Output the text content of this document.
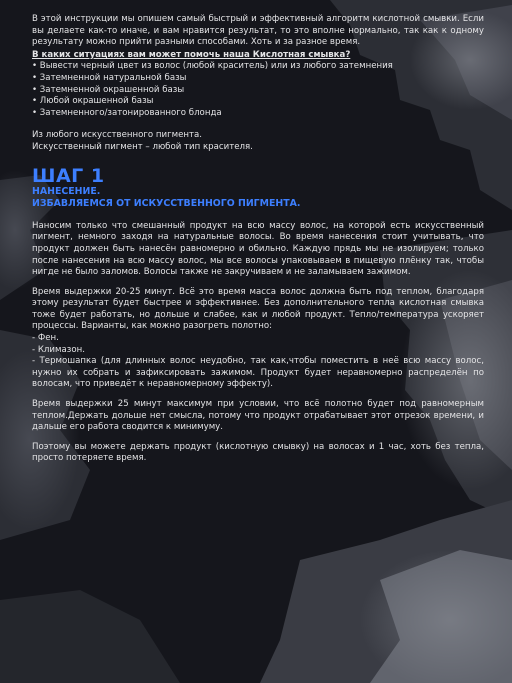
В этой инструкции мы опишем самый быстрый и эффективный алгоритм кислотной смывки. Если вы делаете как-то иначе, и вам нравится результат, то это вполне нормально, так как к одному результату можно прийти разными способами. Хоть и за разное время.

В каких ситуациях вам может помочь наша Кислотная смывка?

• Вывести черный цвет из волос (любой краситель) или из любого затемнения
• Затемненной натуральной базы
• Затемненной окрашенной базы
• Любой окрашенной базы
• Затемненного/затонированного блонда

Из любого искусственного пигмента.

Искусственный пигмент – любой тип красителя.

ШАГ 1

НАНЕСЕНИЕ.

ИЗБАВЛЯЕМСЯ ОТ ИСКУССТВЕННОГО ПИГМЕНТА.

Наносим только что смешанный продукт на всю массу волос, на которой есть искусственный пигмент, немного заходя на натуральные волосы. Во время нанесения стоит учитывать, что продукт должен быть нанесён равномерно и обильно. Каждую прядь мы не изолируем; только после нанесения на всю массу волос, мы все волосы упаковываем в пищевую плёнку так, чтобы нигде не было заломов. Волосы также не закручиваем и не заламываем зажимом.

Время выдержки 20-25 минут. Всё это время масса волос должна быть под теплом, благодаря этому результат будет быстрее и эффективнее. Без дополнительного тепла кислотная смывка тоже будет работать, но дольше и слабее, как и любой продукт. Тепло/температура ускоряет процессы. Варианты, как можно разогреть полотно:
- Фен.
- Климазон.
- Термошапка (для длинных волос неудобно, так как,чтобы поместить в неё всю массу волос, нужно их собрать и зафиксировать зажимом. Продукт будет неравномерно распределён по волосам, что приведёт к неравномерному эффекту).

Время выдержки 25 минут максимум при условии, что всё полотно будет под равномерным теплом.Держать дольше нет смысла, потому что продукт отрабатывает этот отрезок времени, и дальше его работа сводится к минимуму.

Поэтому вы можете держать продукт (кислотную смывку) на волосах и 1 час, хоть без тепла, просто потеряете время.
